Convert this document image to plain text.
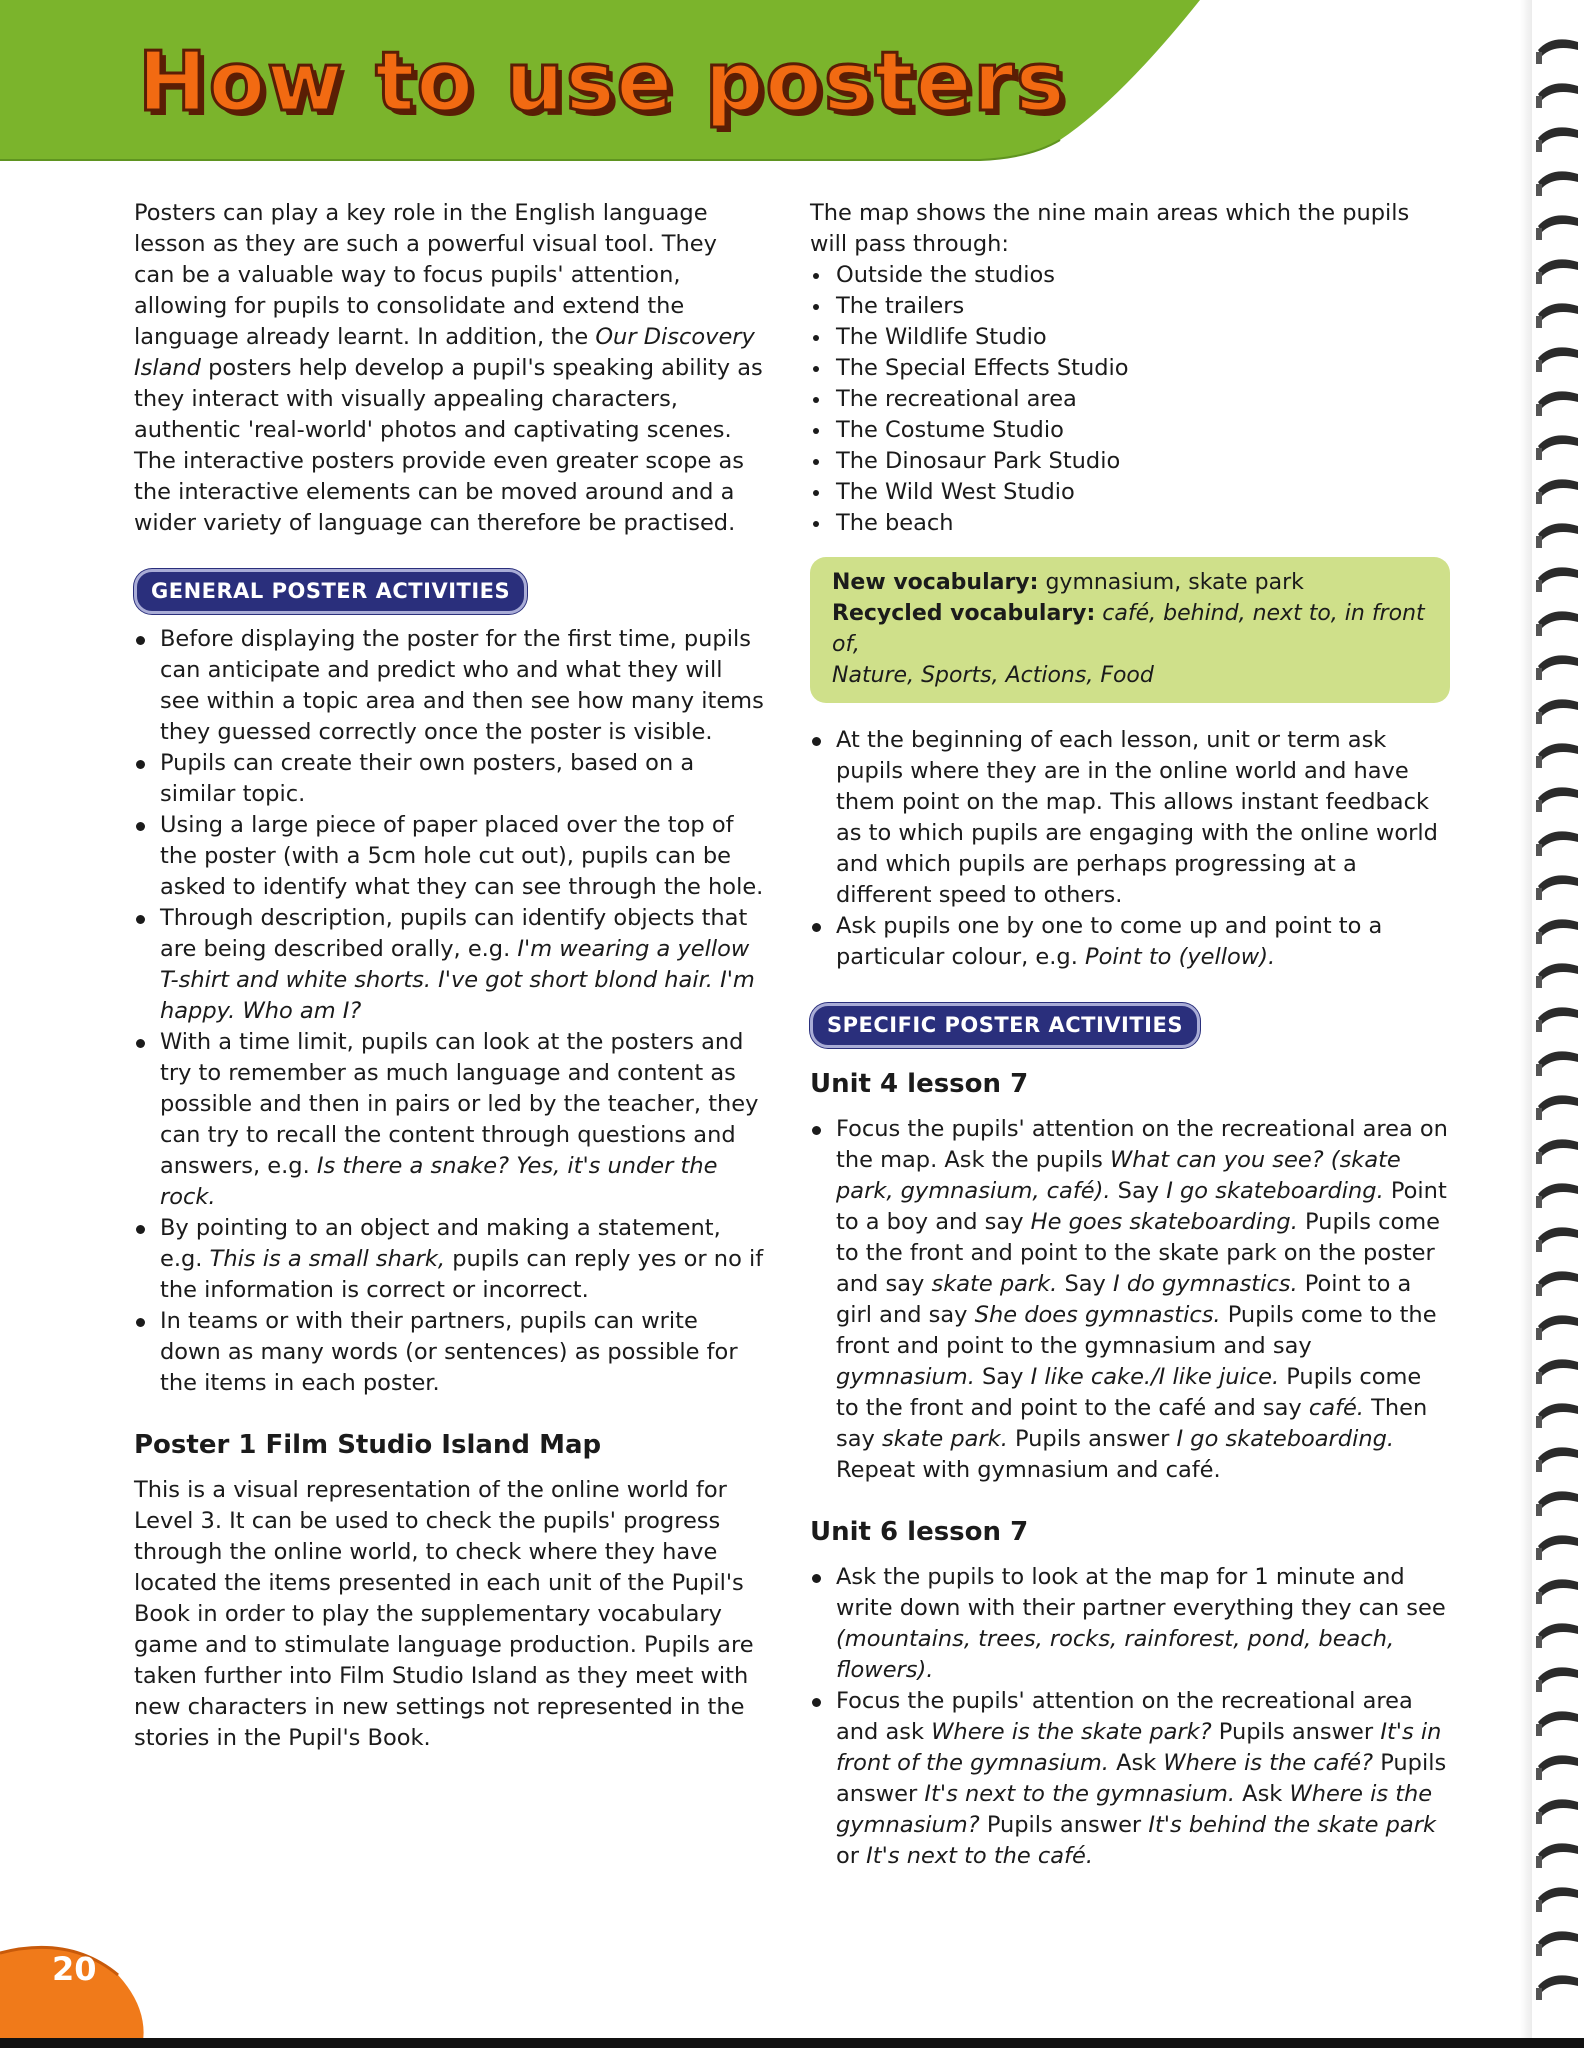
How to use posters

Posters can play a key role in the English language lesson as they are such a powerful visual tool. They can be a valuable way to focus pupils' attention, allowing for pupils to consolidate and extend the language already learnt. In addition, the Our Discovery Island posters help develop a pupil's speaking ability as they interact with visually appealing characters, authentic 'real-world' photos and captivating scenes. The interactive posters provide even greater scope as the interactive elements can be moved around and a wider variety of language can therefore be practised.

GENERAL POSTER ACTIVITIES
Before displaying the poster for the first time, pupils can anticipate and predict who and what they will see within a topic area and then see how many items they guessed correctly once the poster is visible.
Pupils can create their own posters, based on a similar topic.
Using a large piece of paper placed over the top of the poster (with a 5cm hole cut out), pupils can be asked to identify what they can see through the hole.
Through description, pupils can identify objects that are being described orally, e.g. I'm wearing a yellow T-shirt and white shorts. I've got short blond hair. I'm happy. Who am I?
With a time limit, pupils can look at the posters and try to remember as much language and content as possible and then in pairs or led by the teacher, they can try to recall the content through questions and answers, e.g. Is there a snake? Yes, it's under the rock.
By pointing to an object and making a statement, e.g. This is a small shark, pupils can reply yes or no if the information is correct or incorrect.
In teams or with their partners, pupils can write down as many words (or sentences) as possible for the items in each poster.
Poster 1 Film Studio Island Map

This is a visual representation of the online world for Level 3. It can be used to check the pupils' progress through the online world, to check where they have located the items presented in each unit of the Pupil's Book in order to play the supplementary vocabulary game and to stimulate language production. Pupils are taken further into Film Studio Island as they meet with new characters in new settings not represented in the stories in the Pupil's Book.

The map shows the nine main areas which the pupils will pass through:

Outside the studios
The trailers
The Wildlife Studio
The Special Effects Studio
The recreational area
The Costume Studio
The Dinosaur Park Studio
The Wild West Studio
The beach
New vocabulary: gymnasium, skate park
Recycled vocabulary: café, behind, next to, in front of,
Nature, Sports, Actions, Food
At the beginning of each lesson, unit or term ask pupils where they are in the online world and have them point on the map. This allows instant feedback as to which pupils are engaging with the online world and which pupils are perhaps progressing at a different speed to others.
Ask pupils one by one to come up and point to a particular colour, e.g. Point to (yellow).
SPECIFIC POSTER ACTIVITIES
Unit 4 lesson 7
Focus the pupils' attention on the recreational area on the map. Ask the pupils What can you see? (skate park, gymnasium, café). Say I go skateboarding. Point to a boy and say He goes skateboarding. Pupils come to the front and point to the skate park on the poster and say skate park. Say I do gymnastics. Point to a girl and say She does gymnastics. Pupils come to the front and point to the gymnasium and say gymnasium. Say I like cake./I like juice. Pupils come to the front and point to the café and say café. Then say skate park. Pupils answer I go skateboarding. Repeat with gymnasium and café.
Unit 6 lesson 7
Ask the pupils to look at the map for 1 minute and write down with their partner everything they can see (mountains, trees, rocks, rainforest, pond, beach, flowers).
Focus the pupils' attention on the recreational area and ask Where is the skate park? Pupils answer It's in front of the gymnasium. Ask Where is the café? Pupils answer It's next to the gymnasium. Ask Where is the gymnasium? Pupils answer It's behind the skate park or It's next to the café.
20
